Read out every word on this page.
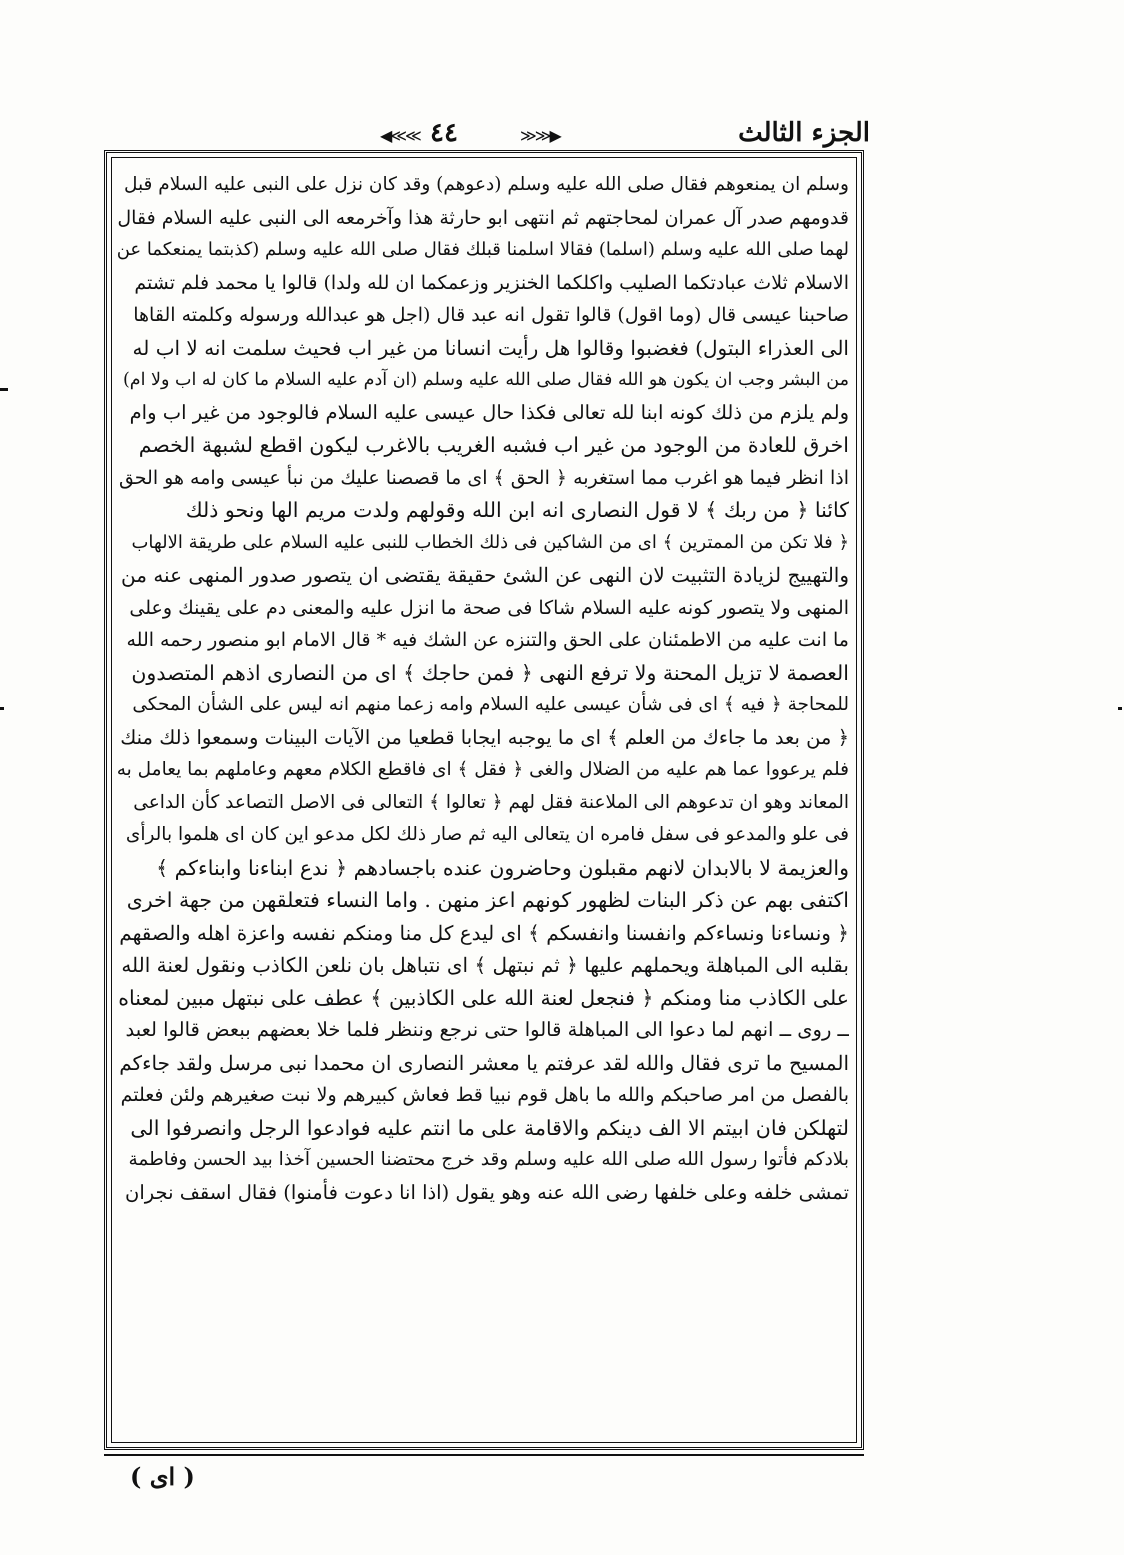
الجزء الثالث
◀≪≪ ٤٤	≫≫▶
وسلم ان يمنعوهم فقال صلى الله عليه وسلم (دعوهم) وقد كان نزل على النبى عليه السلام قبل
قدومهم صدر آل عمران لمحاجتهم ثم انتهى ابو حارثة هذا وآخرمعه الى النبى عليه السلام فقال
لهما صلى الله عليه وسلم (اسلما) فقالا اسلمنا قبلك فقال صلى الله عليه وسلم (كذبتما يمنعكما عن
الاسلام ثلاث عبادتكما الصليب واكلكما الخنزير وزعمكما ان لله ولدا) قالوا يا محمد فلم تشتم
صاحبنا عيسى قال (وما اقول) قالوا تقول انه عبد قال (اجل هو عبدالله ورسوله وكلمته القاها
الى العذراء البتول) فغضبوا وقالوا هل رأيت انسانا من غير اب فحيث سلمت انه لا اب له
من البشر وجب ان يكون هو الله فقال صلى الله عليه وسلم (ان آدم عليه السلام ما كان له اب ولا ام)
ولم يلزم من ذلك كونه ابنا لله تعالى فكذا حال عيسى عليه السلام فالوجود من غير اب وام
اخرق للعادة من الوجود من غير اب فشبه الغريب بالاغرب ليكون اقطع لشبهة الخصم
اذا انظر فيما هو اغرب مما استغربه ﴿ الحق ﴾ اى ما قصصنا عليك من نبأ عيسى وامه هو الحق
كائنا ﴿ من ربك ﴾ لا قول النصارى انه ابن الله وقولهم ولدت مريم الها ونحو ذلك
﴿ فلا تكن من الممترين ﴾ اى من الشاكين فى ذلك الخطاب للنبى عليه السلام على طريقة الالهاب
والتهييج لزيادة التثبيت لان النهى عن الشئ حقيقة يقتضى ان يتصور صدور المنهى عنه من
المنهى ولا يتصور كونه عليه السلام شاكا فى صحة ما انزل عليه والمعنى دم على يقينك وعلى
ما انت عليه من الاطمئنان على الحق والتنزه عن الشك فيه * قال الامام ابو منصور رحمه الله
العصمة لا تزيل المحنة ولا ترفع النهى ﴿ فمن حاجك ﴾ اى من النصارى اذهم المتصدون
للمحاجة ﴿ فيه ﴾ اى فى شأن عيسى عليه السلام وامه زعما منهم انه ليس على الشأن المحكى
﴿ من بعد ما جاءك من العلم ﴾ اى ما يوجبه ايجابا قطعيا من الآيات البينات وسمعوا ذلك منك
فلم يرعووا عما هم عليه من الضلال والغى ﴿ فقل ﴾ اى فاقطع الكلام معهم وعاملهم بما يعامل به
المعاند وهو ان تدعوهم الى الملاعنة فقل لهم ﴿ تعالوا ﴾ التعالى فى الاصل التصاعد كأن الداعى
فى علو والمدعو فى سفل فامره ان يتعالى اليه ثم صار ذلك لكل مدعو اين كان اى هلموا بالرأى
والعزيمة لا بالابدان لانهم مقبلون وحاضرون عنده باجسادهم ﴿ ندع ابناءنا وابناءكم ﴾
اكتفى بهم عن ذكر البنات لظهور كونهم اعز منهن . واما النساء فتعلقهن من جهة اخرى
﴿ ونساءنا ونساءكم وانفسنا وانفسكم ﴾ اى ليدع كل منا ومنكم نفسه واعزة اهله والصقهم
بقلبه الى المباهلة ويحملهم عليها ﴿ ثم نبتهل ﴾ اى نتباهل بان نلعن الكاذب ونقول لعنة الله
على الكاذب منا ومنكم ﴿ فنجعل لعنة الله على الكاذبين ﴾ عطف على نبتهل مبين لمعناه
ــ روى ــ انهم لما دعوا الى المباهلة قالوا حتى نرجع وننظر فلما خلا بعضهم ببعض قالوا لعبد
المسيح ما ترى فقال والله لقد عرفتم يا معشر النصارى ان محمدا نبى مرسل ولقد جاءكم
بالفصل من امر صاحبكم والله ما باهل قوم نبيا قط فعاش كبيرهم ولا نبت صغيرهم ولئن فعلتم
لتهلكن فان ابيتم الا الف دينكم والاقامة على ما انتم عليه فوادعوا الرجل وانصرفوا الى
بلادكم فأتوا رسول الله صلى الله عليه وسلم وقد خرج محتضنا الحسين آخذا بيد الحسن وفاطمة
تمشى خلفه وعلى خلفها رضى الله عنه وهو يقول (اذا انا دعوت فأمنوا) فقال اسقف نجران
( اى )
